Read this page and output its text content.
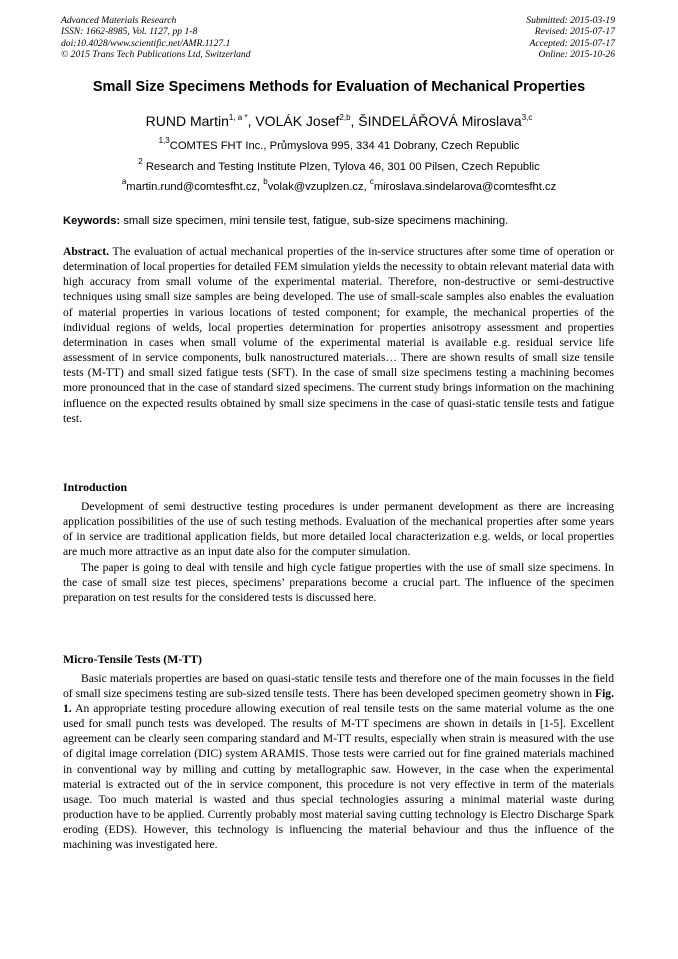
Advanced Materials Research
ISSN: 1662-8985, Vol. 1127, pp 1-8
doi:10.4028/www.scientific.net/AMR.1127.1
© 2015 Trans Tech Publications Ltd, Switzerland
Submitted: 2015-03-19
Revised: 2015-07-17
Accepted: 2015-07-17
Online: 2015-10-26
Small Size Specimens Methods for Evaluation of Mechanical Properties
RUND Martin$^{1, a *}$, VOLÁK Josef$^{2,b}$, ŠINDELÁŘOVÁ Miroslava$^{3,c}$
$^{1,3}$COMTES FHT Inc., Průmyslova 995, 334 41 Dobrany, Czech Republic
$^2$ Research and Testing Institute Plzen, Tylova 46, 301 00 Pilsen, Czech Republic
$^a$martin.rund@comtesfht.cz, $^b$volak@vzuplzen.cz, $^c$miroslava.sindelarova@comtesfht.cz
Keywords: small size specimen, mini tensile test, fatigue, sub-size specimens machining.

Abstract. The evaluation of actual mechanical properties of the in-service structures after some time of operation or determination of local properties for detailed FEM simulation yields the necessity to obtain relevant material data with high accuracy from small volume of the experimental material. Therefore, non-destructive or semi-destructive techniques using small size samples are being developed. The use of small-scale samples also enables the evaluation of material properties in various locations of tested component; for example, the mechanical properties of the individual regions of welds, local properties determination for properties anisotropy assessment and properties determination in cases when small volume of the experimental material is available e.g. residual service life assessment of in service components, bulk nanostructured materials… There are shown results of small size tensile tests (M-TT) and small sized fatigue tests (SFT). In the case of small size specimens testing a machining becomes more pronounced that in the case of standard sized specimens. The current study brings information on the machining influence on the expected results obtained by small size specimens in the case of quasi-static tensile tests and fatigue test.

Introduction

Development of semi destructive testing procedures is under permanent development as there are increasing application possibilities of the use of such testing methods. Evaluation of the mechanical properties after some years of in service are traditional application fields, but more detailed local characterization e.g. welds, or local properties are much more attractive as an input date also for the computer simulation.

The paper is going to deal with tensile and high cycle fatigue properties with the use of small size specimens. In the case of small size test pieces, specimens’ preparations become a crucial part. The influence of the specimen preparation on test results for the considered tests is discussed here.

Micro-Tensile Tests (M-TT)

Basic materials properties are based on quasi-static tensile tests and therefore one of the main focusses in the field of small size specimens testing are sub-sized tensile tests. There has been developed specimen geometry shown in Fig. 1. An appropriate testing procedure allowing execution of real tensile tests on the same material volume as the one used for small punch tests was developed. The results of M-TT specimens are shown in details in [1-5]. Excellent agreement can be clearly seen comparing standard and M-TT results, especially when strain is measured with the use of digital image correlation (DIC) system ARAMIS. Those tests were carried out for fine grained materials machined in conventional way by milling and cutting by metallographic saw. However, in the case when the experimental material is extracted out of the in service component, this procedure is not very effective in term of the materials usage. Too much material is wasted and thus special technologies assuring a minimal material waste during production have to be applied. Currently probably most material saving cutting technology is Electro Discharge Spark eroding (EDS). However, this technology is influencing the material behaviour and thus the influence of the machining was investigated here.
